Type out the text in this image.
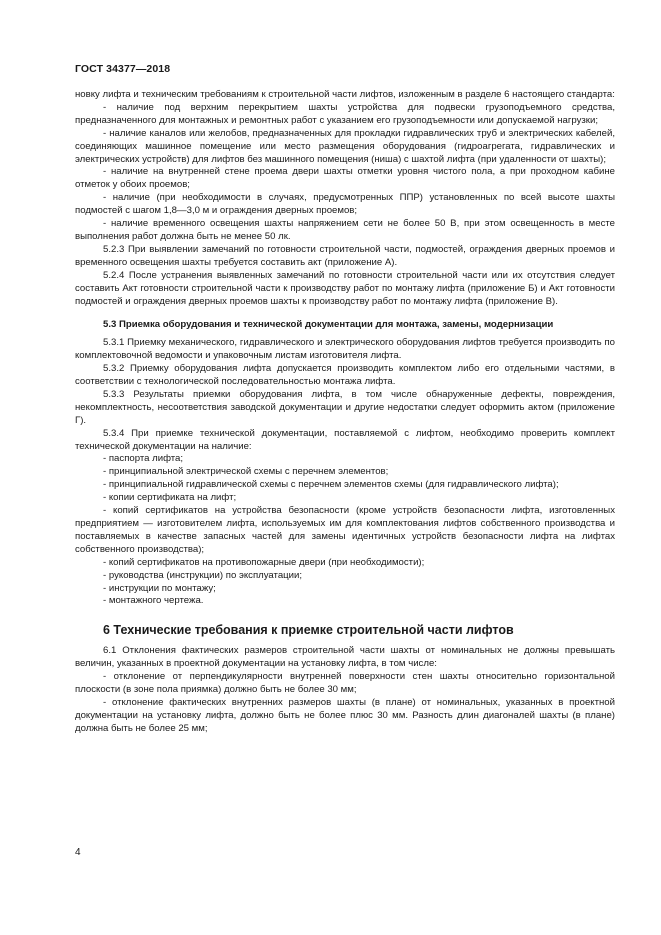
ГОСТ 34377—2018

новку лифта и техническим требованиям к строительной части лифтов, изложенным в разделе 6 настоящего стандарта:

- наличие под верхним перекрытием шахты устройства для подвески грузоподъемного средства, предназначенного для монтажных и ремонтных работ с указанием его грузоподъемности или допускаемой нагрузки;

- наличие каналов или желобов, предназначенных для прокладки гидравлических труб и электрических кабелей, соединяющих машинное помещение или место размещения оборудования (гидроагрегата, гидравлических и электрических устройств) для лифтов без машинного помещения (ниша) с шахтой лифта (при удаленности от шахты);

- наличие на внутренней стене проема двери шахты отметки уровня чистого пола, а при проходном кабине отметок у обоих проемов;

- наличие (при необходимости в случаях, предусмотренных ППР) установленных по всей высоте шахты подмостей с шагом 1,8—3,0 м и ограждения дверных проемов;

- наличие временного освещения шахты напряжением сети не более 50 В, при этом освещенность в месте выполнения работ должна быть не менее 50 лк.

5.2.3 При выявлении замечаний по готовности строительной части, подмостей, ограждения дверных проемов и временного освещения шахты требуется составить акт (приложение А).

5.2.4 После устранения выявленных замечаний по готовности строительной части или их отсутствия следует составить Акт готовности строительной части к производству работ по монтажу лифта (приложение Б) и Акт готовности подмостей и ограждения дверных проемов шахты к производству работ по монтажу лифта (приложение В).

5.3 Приемка оборудования и технической документации для монтажа, замены, модернизации

5.3.1 Приемку механического, гидравлического и электрического оборудования лифтов требуется производить по комплектовочной ведомости и упаковочным листам изготовителя лифта.

5.3.2 Приемку оборудования лифта допускается производить комплектом либо его отдельными частями, в соответствии с технологической последовательностью монтажа лифта.

5.3.3 Результаты приемки оборудования лифта, в том числе обнаруженные дефекты, повреждения, некомплектность, несоответствия заводской документации и другие недостатки следует оформить актом (приложение Г).

5.3.4 При приемке технической документации, поставляемой с лифтом, необходимо проверить комплект технической документации на наличие:

- паспорта лифта;

- принципиальной электрической схемы с перечнем элементов;

- принципиальной гидравлической схемы с перечнем элементов схемы (для гидравлического лифта);

- копии сертификата на лифт;

- копий сертификатов на устройства безопасности (кроме устройств безопасности лифта, изготовленных предприятием — изготовителем лифта, используемых им для комплектования лифтов собственного производства и поставляемых в качестве запасных частей для замены идентичных устройств безопасности лифта на лифтах собственного производства);

- копий сертификатов на противопожарные двери (при необходимости);

- руководства (инструкции) по эксплуатации;

- инструкции по монтажу;

- монтажного чертежа.

6 Технические требования к приемке строительной части лифтов

6.1 Отклонения фактических размеров строительной части шахты от номинальных не должны превышать величин, указанных в проектной документации на установку лифта, в том числе:

- отклонение от перпендикулярности внутренней поверхности стен шахты относительно горизонтальной плоскости (в зоне пола приямка) должно быть не более 30 мм;

- отклонение фактических внутренних размеров шахты (в плане) от номинальных, указанных в проектной документации на установку лифта, должно быть не более плюс 30 мм. Разность длин диагоналей шахты (в плане) должна быть не более 25 мм;

4
